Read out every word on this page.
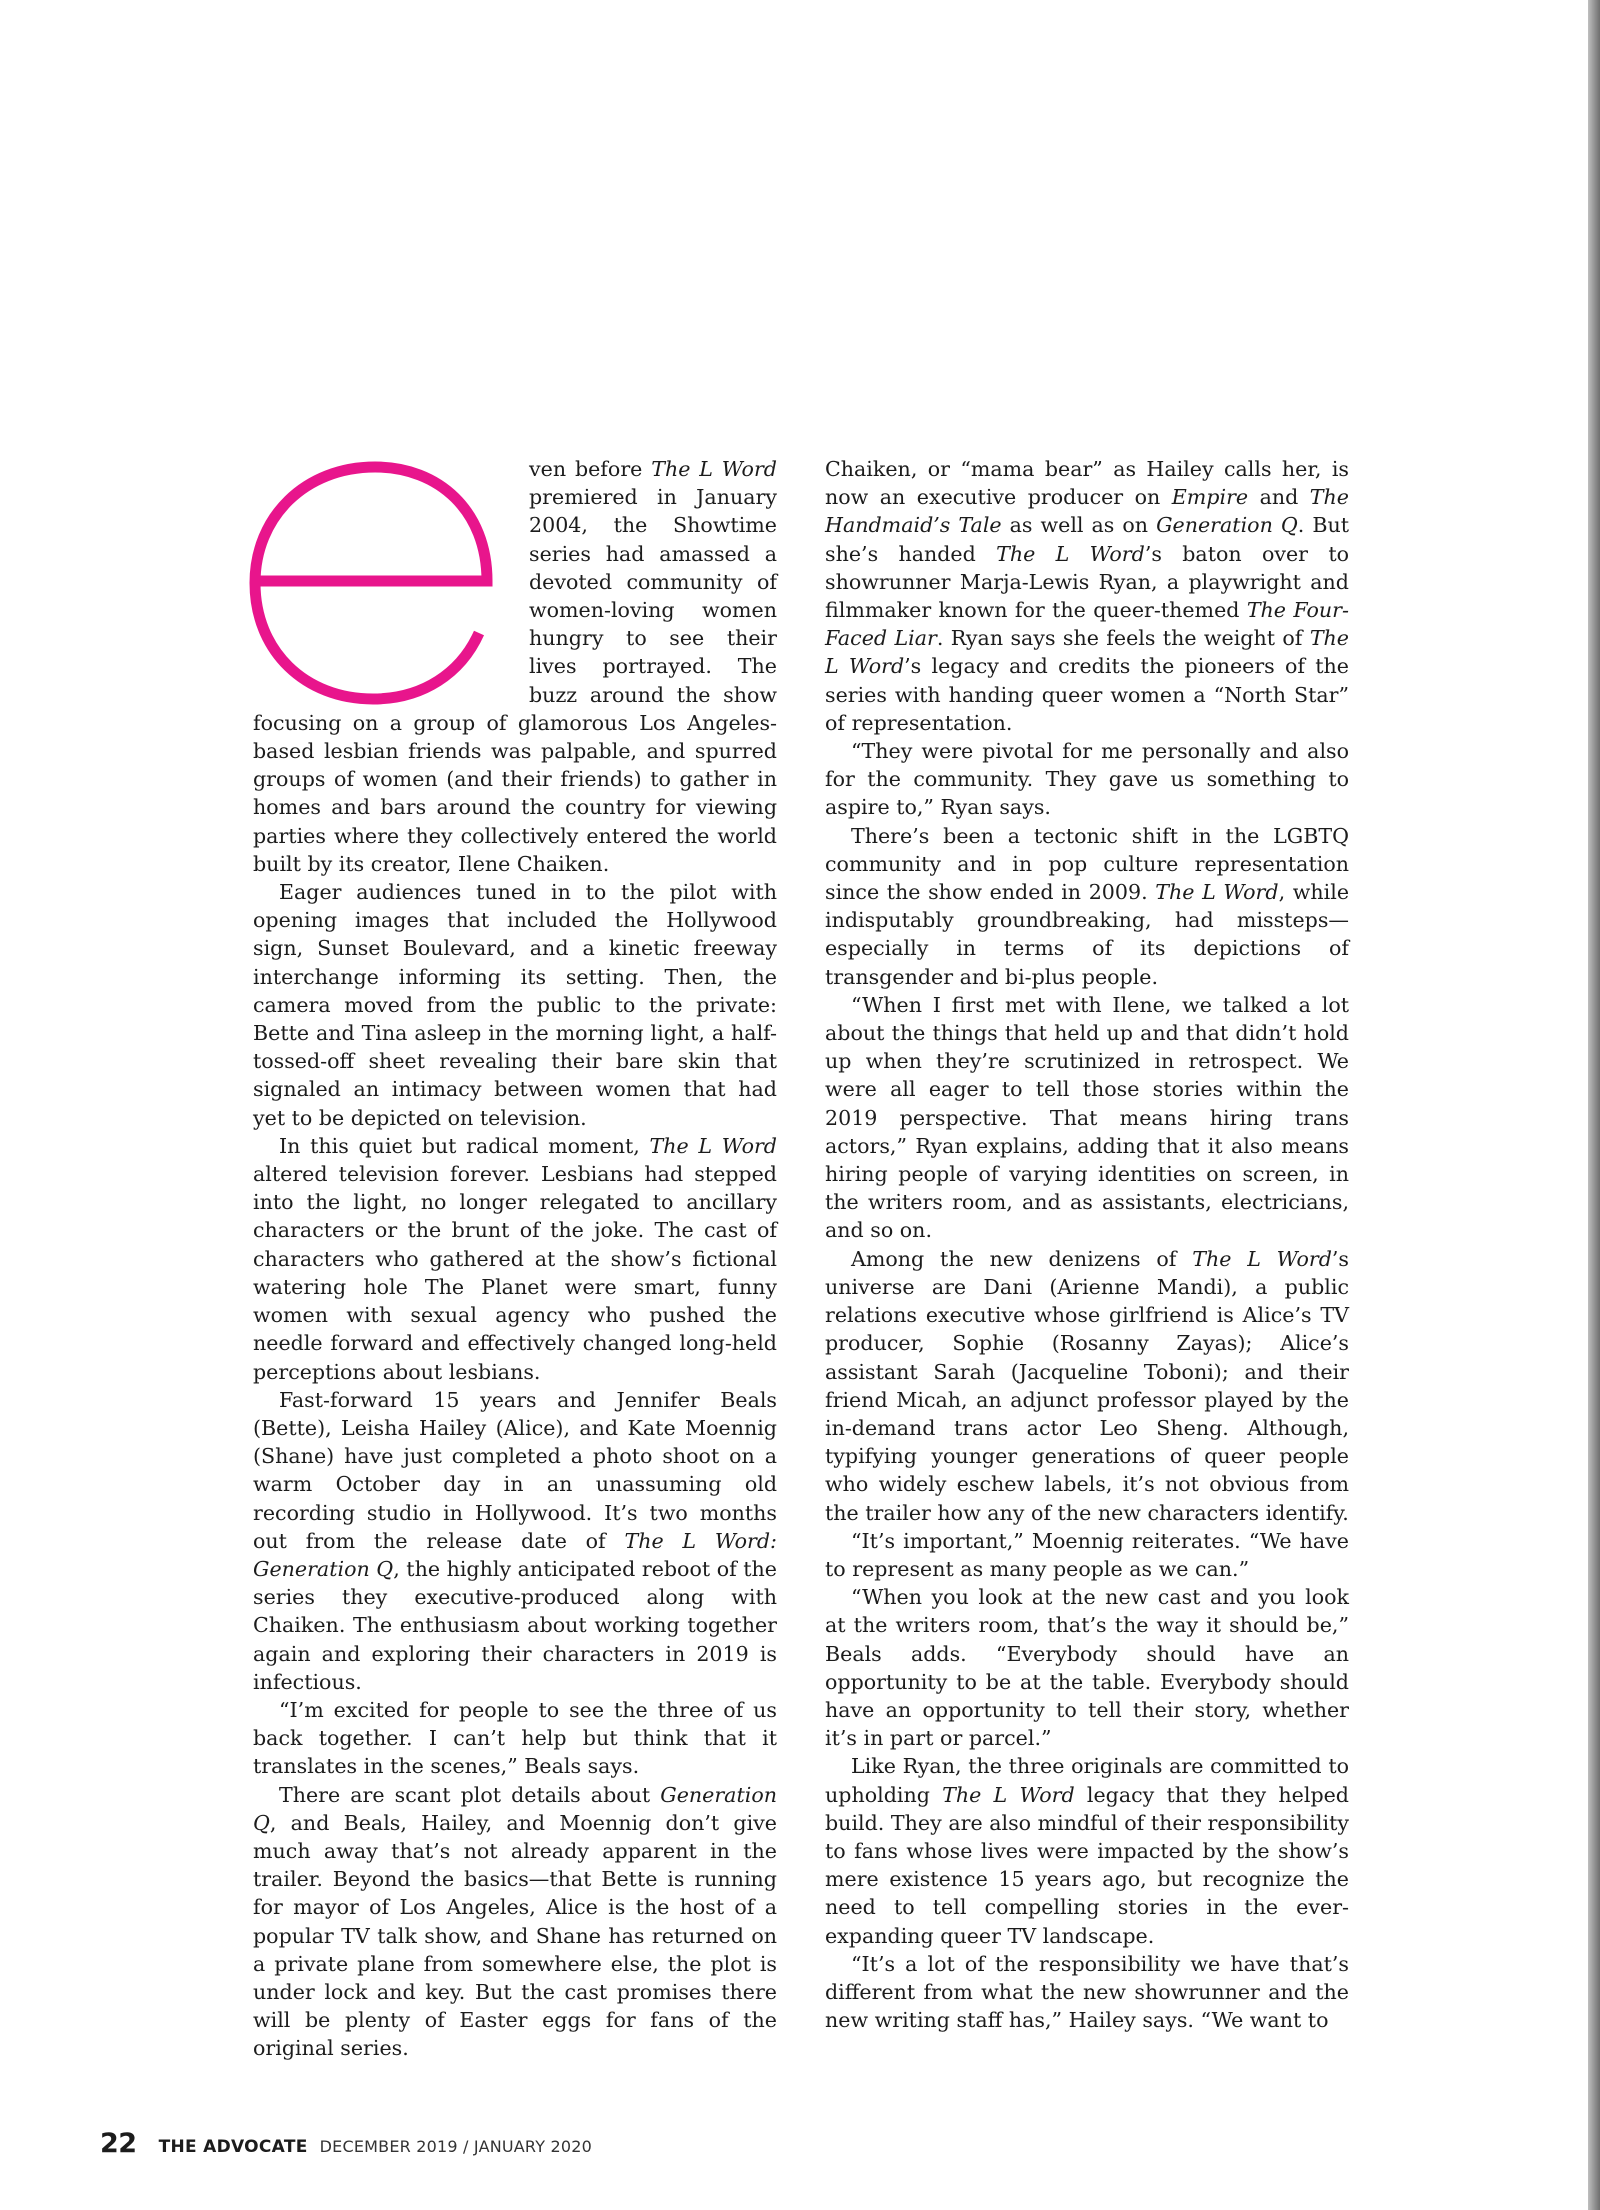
e

ven before The L Word premiered in January 2004, the Showtime series had amassed a devoted community of women-loving women hungry to see their lives portrayed. The buzz around the show focusing on a group of glamorous Los Angeles-based lesbian friends was palpable, and spurred groups of women (and their friends) to gather in homes and bars around the country for viewing parties where they collectively entered the world built by its creator, Ilene Chaiken.

Eager audiences tuned in to the pilot with opening images that included the Hollywood sign, Sunset Boulevard, and a kinetic freeway interchange informing its setting. Then, the camera moved from the public to the private: Bette and Tina asleep in the morning light, a half-tossed-off sheet revealing their bare skin that signaled an intimacy between women that had yet to be depicted on television.

In this quiet but radical moment, The L Word altered television forever. Lesbians had stepped into the light, no longer relegated to ancillary characters or the brunt of the joke. The cast of characters who gathered at the show’s fictional watering hole The Planet were smart, funny women with sexual agency who pushed the needle forward and effectively changed long-held perceptions about lesbians.

Fast-forward 15 years and Jennifer Beals (Bette), Leisha Hailey (Alice), and Kate Moennig (Shane) have just completed a photo shoot on a warm October day in an unassuming old recording studio in Hollywood. It’s two months out from the release date of The L Word: Generation Q, the highly anticipated reboot of the series they executive-produced along with Chaiken. The enthusiasm about working together again and exploring their characters in 2019 is infectious.

“I’m excited for people to see the three of us back together. I can’t help but think that it translates in the scenes,” Beals says.

There are scant plot details about Generation Q, and Beals, Hailey, and Moennig don’t give much away that’s not already apparent in the trailer. Beyond the basics—that Bette is running for mayor of Los Angeles, Alice is the host of a popular TV talk show, and Shane has returned on a private plane from somewhere else, the plot is under lock and key. But the cast promises there will be plenty of Easter eggs for fans of the original series.

Chaiken, or “mama bear” as Hailey calls her, is now an executive producer on Empire and The Handmaid’s Tale as well as on Generation Q. But she’s handed The L Word’s baton over to showrunner Marja-Lewis Ryan, a playwright and filmmaker known for the queer-themed The Four-Faced Liar. Ryan says she feels the weight of The L Word’s legacy and credits the pioneers of the series with handing queer women a “North Star” of representation.

“They were pivotal for me personally and also for the community. They gave us something to aspire to,” Ryan says.

There’s been a tectonic shift in the LGBTQ community and in pop culture representation since the show ended in 2009. The L Word, while indisputably groundbreaking, had missteps—especially in terms of its depictions of transgender and bi-plus people.

“When I first met with Ilene, we talked a lot about the things that held up and that didn’t hold up when they’re scrutinized in retrospect. We were all eager to tell those stories within the 2019 perspective. That means hiring trans actors,” Ryan explains, adding that it also means hiring people of varying identities on screen, in the writers room, and as assistants, electricians, and so on.

Among the new denizens of The L Word’s universe are Dani (Arienne Mandi), a public relations executive whose girlfriend is Alice’s TV producer, Sophie (Rosanny Zayas); Alice’s assistant Sarah (Jacqueline Toboni); and their friend Micah, an adjunct professor played by the in-demand trans actor Leo Sheng. Although, typifying younger generations of queer people who widely eschew labels, it’s not obvious from the trailer how any of the new characters identify.

“It’s important,” Moennig reiterates. “We have to represent as many people as we can.”

“When you look at the new cast and you look at the writers room, that’s the way it should be,” Beals adds. “Everybody should have an opportunity to be at the table. Everybody should have an opportunity to tell their story, whether it’s in part or parcel.”

Like Ryan, the three originals are committed to upholding The L Word legacy that they helped build. They are also mindful of their responsibility to fans whose lives were impacted by the show’s mere existence 15 years ago, but recognize the need to tell compelling stories in the ever-expanding queer TV landscape.

“It’s a lot of the responsibility we have that’s different from what the new showrunner and the new writing staff has,” Hailey says. “We want to

22 THE ADVOCATE DECEMBER 2019 / JANUARY 2020
